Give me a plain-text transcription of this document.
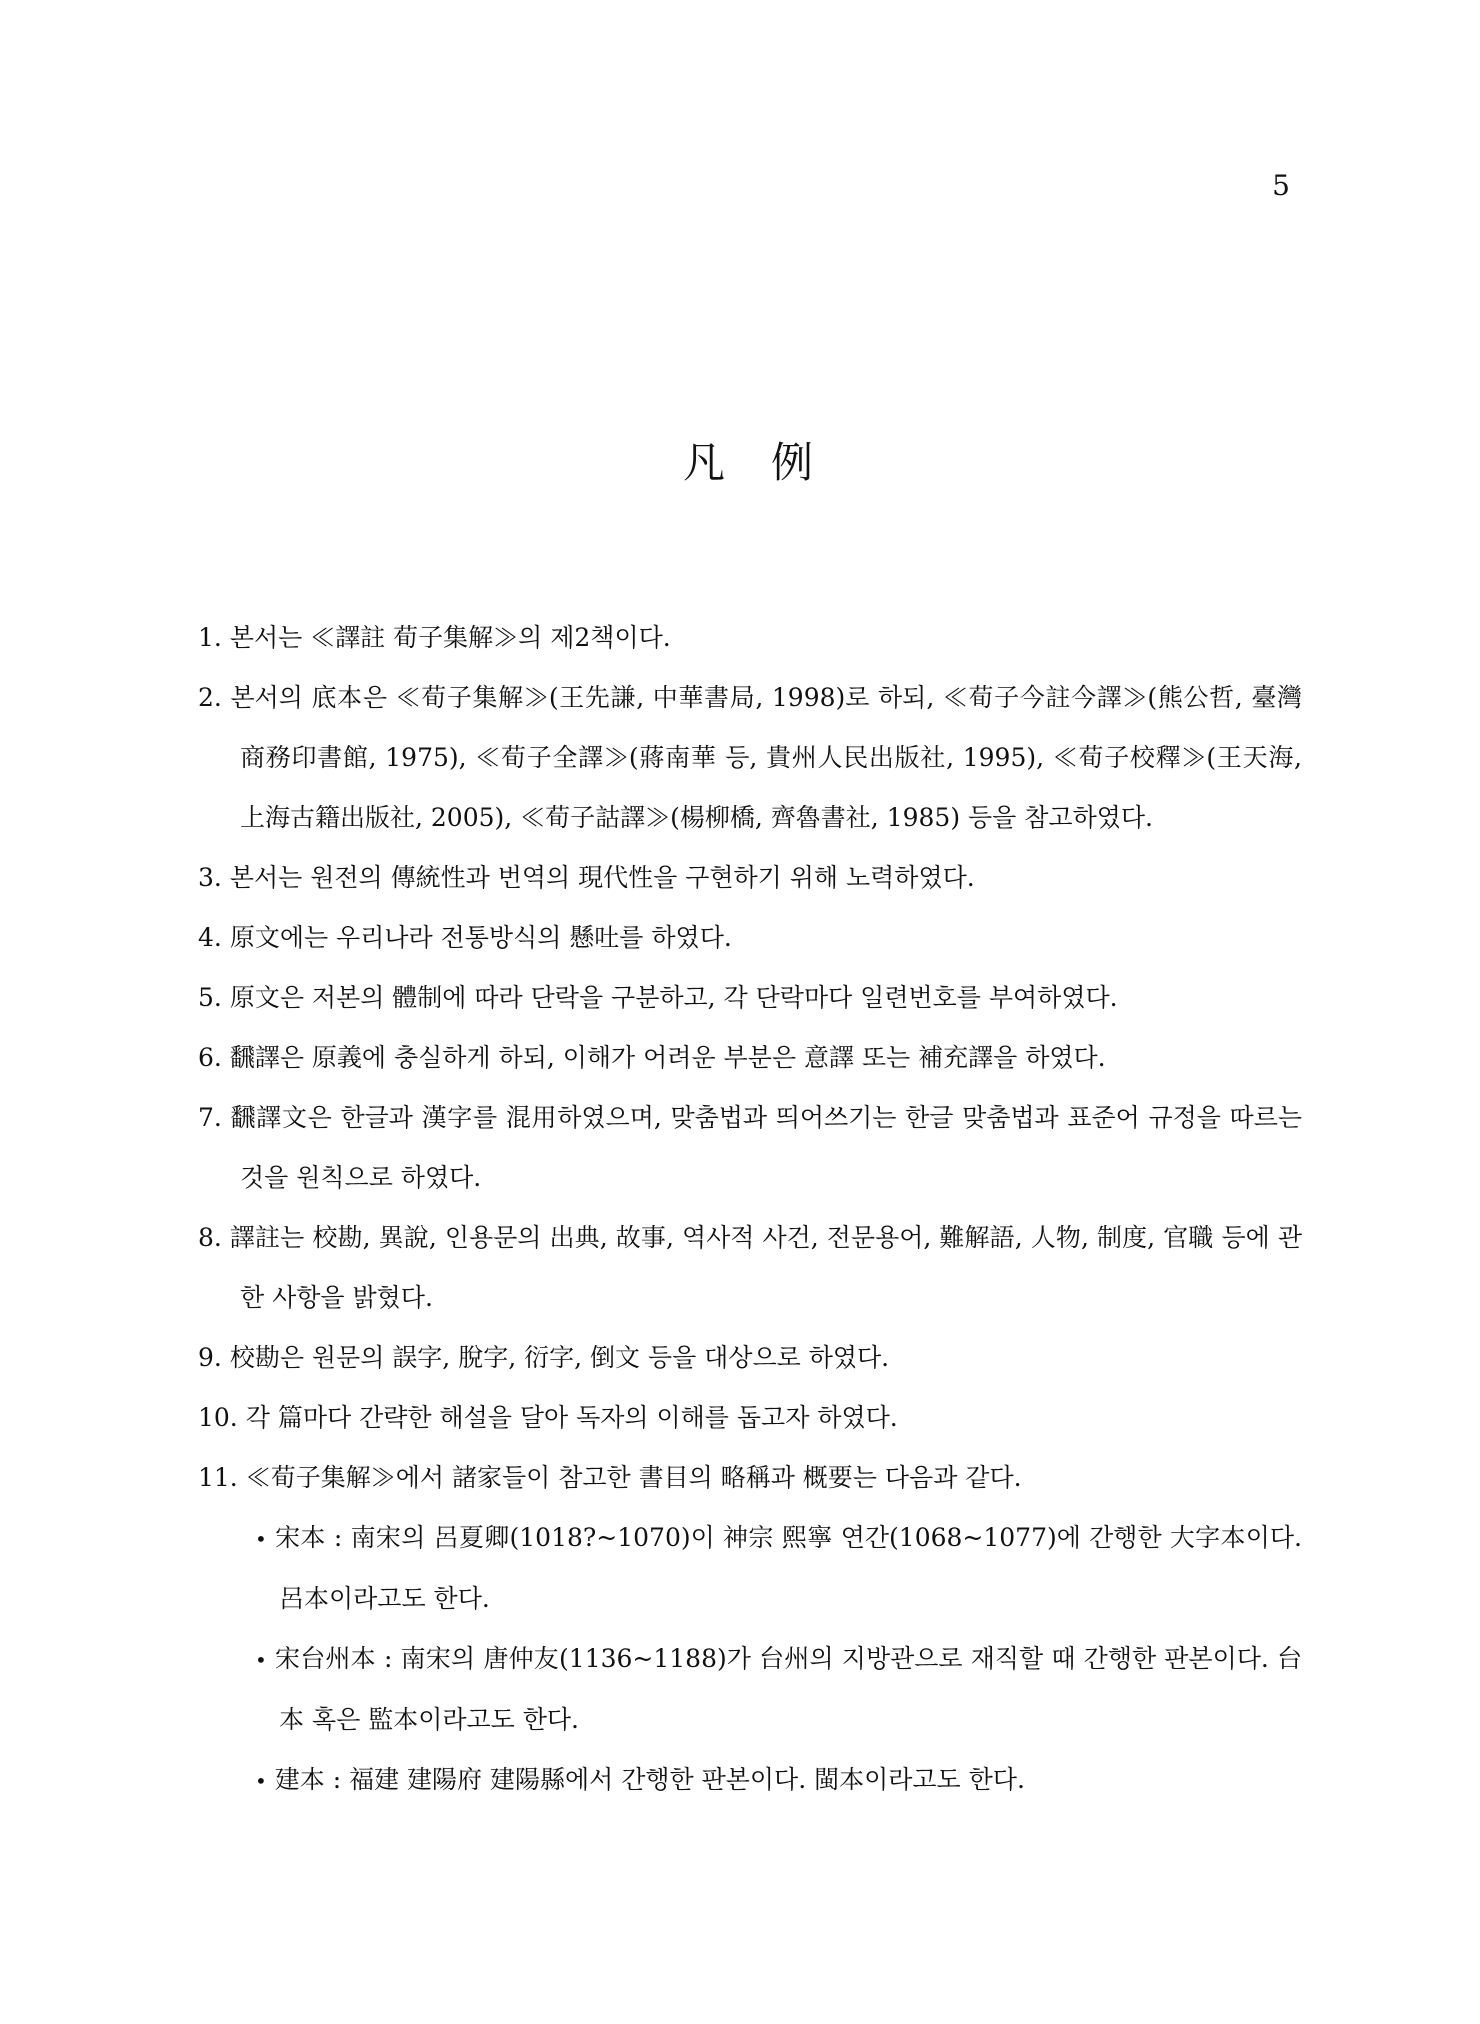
5
凡　例
1. 본서는 ≪譯註 荀子集解≫의 제2책이다.
2. 본서의 底本은 ≪荀子集解≫(王先謙, 中華書局, 1998)로 하되, ≪荀子今註今譯≫(熊公哲, 臺灣商務印書館, 1975), ≪荀子全譯≫(蔣南華 등, 貴州人民出版社, 1995), ≪荀子校釋≫(王天海, 上海古籍出版社, 2005), ≪荀子詁譯≫(楊柳橋, 齊魯書社, 1985) 등을 참고하였다.
3. 본서는 원전의 傳統性과 번역의 現代性을 구현하기 위해 노력하였다.
4. 原文에는 우리나라 전통방식의 懸吐를 하였다.
5. 原文은 저본의 體制에 따라 단락을 구분하고, 각 단락마다 일련번호를 부여하였다.
6. 飜譯은 原義에 충실하게 하되, 이해가 어려운 부분은 意譯 또는 補充譯을 하였다.
7. 飜譯文은 한글과 漢字를 混用하였으며, 맞춤법과 띄어쓰기는 한글 맞춤법과 표준어 규정을 따르는 것을 원칙으로 하였다.
8. 譯註는 校勘, 異說, 인용문의 出典, 故事, 역사적 사건, 전문용어, 難解語, 人物, 制度, 官職 등에 관한 사항을 밝혔다.
9. 校勘은 원문의 誤字, 脫字, 衍字, 倒文 등을 대상으로 하였다.
10. 각 篇마다 간략한 해설을 달아 독자의 이해를 돕고자 하였다.
11. ≪荀子集解≫에서 諸家들이 참고한 書目의 略稱과 概要는 다음과 같다.
• 宋本 : 南宋의 呂夏卿(1018?~1070)이 神宗 熙寧 연간(1068~1077)에 간행한 大字本이다. 呂本이라고도 한다.
• 宋台州本 : 南宋의 唐仲友(1136~1188)가 台州의 지방관으로 재직할 때 간행한 판본이다. 台本 혹은 監本이라고도 한다.
• 建本 : 福建 建陽府 建陽縣에서 간행한 판본이다. 閩本이라고도 한다.
